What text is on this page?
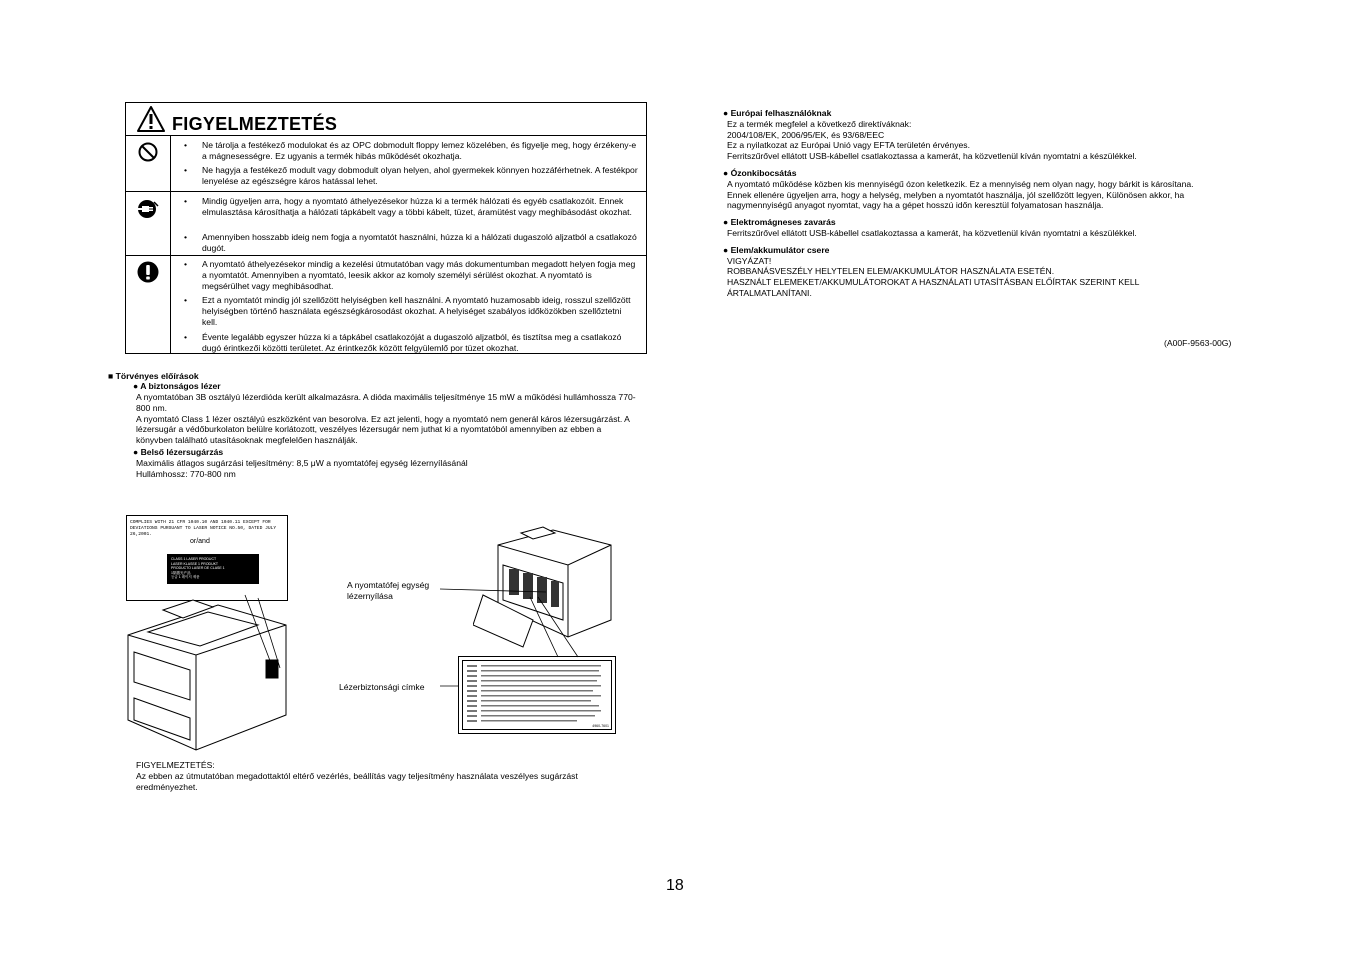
FIGYELMEZTETÉS
• Ne tárolja a festékező modulokat és az OPC dobmodult floppy lemez közelében, és figyelje meg, hogy érzékeny-e a mágnesességre. Ez ugyanis a termék hibás működését okozhatja.
• Ne hagyja a festékező modult vagy dobmodult olyan helyen, ahol gyermekek könnyen hozzáférhetnek. A festékpor lenyelése az egészségre káros hatással lehet.
• Mindig ügyeljen arra, hogy a nyomtató áthelyezésekor húzza ki a termék hálózati és egyéb csatlakozóit. Ennek elmulasztása károsíthatja a hálózati tápkábelt vagy a többi kábelt, tüzet, áramütést vagy meghibásodást okozhat.
• Amennyiben hosszabb ideig nem fogja a nyomtatót használni, húzza ki a hálózati dugaszoló aljzatból a csatlakozó dugót.
• A nyomtató áthelyezésekor mindig a kezelési útmutatóban vagy más dokumentumban megadott helyen fogja meg a nyomtatót. Amennyiben a nyomtató, leesik akkor az komoly személyi sérülést okozhat. A nyomtató is megsérülhet vagy meghibásodhat.
• Ezt a nyomtatót mindig jól szellőzött helyiségben kell használni. A nyomtató huzamosabb ideig, rosszul szellőzött helyiségben történő használata egészségkárosodást okozhat. A helyiséget szabályos időközökben szellőztetni kell.
• Évente legalább egyszer húzza ki a tápkábel csatlakozóját a dugaszoló aljzatból, és tisztítsa meg a csatlakozó dugó érintkezői közötti területet. Az érintkezők között felgyülemlő por tüzet okozhat.
■ Törvényes előírások
● A biztonságos lézer
A nyomtatóban 3B osztályú lézerdióda került alkalmazásra. A dióda maximális teljesítménye 15 mW a működési hullámhossza 770-800 nm.
A nyomtató Class 1 lézer osztályú eszközként van besorolva. Ez azt jelenti, hogy a nyomtató nem generál káros lézersugárzást. A lézersugár a védőburkolaton belülre korlátozott, veszélyes lézersugár nem juthat ki a nyomtatóból amennyiben az ebben a könyvben található utasításoknak megfelelően használják.
● Belső lézersugárzás
Maximális átlagos sugárzási teljesítmény: 8,5 μW a nyomtatófej egység lézernyílásánál
Hullámhossz: 770-800 nm
COMPLIES WITH 21 CFR 1040.10 AND 1040.11 EXCEPT FOR
DEVIATIONS PURSUANT TO LASER NOTICE NO.50, DATED JULY 26,2001.
or/and
CLASS 1 LASER PRODUCT
LASER KLASSE 1 PRODUKT
PRODUCTO LASER DE CLASE 1
1類激光产品
등급 1 레이저 제품
A nyomtatófej egység
lézernyílása
Lézerbiztonsági címke
4960-7601
FIGYELMEZTETÉS:
Az ebben az útmutatóban megadottaktól eltérő vezérlés, beállítás vagy teljesítmény használata veszélyes sugárzást eredményezhet.
● Európai felhasználóknak
Ez a termék megfelel a következő direktíváknak:
2004/108/EK, 2006/95/EK, és 93/68/EEC
Ez a nyilatkozat az Európai Unió vagy EFTA területén érvényes.
Ferritszűrővel ellátott USB-kábellel csatlakoztassa a kamerát, ha közvetlenül kíván nyomtatni a készülékkel.
● Ózonkibocsátás
A nyomtató működése közben kis mennyiségű ózon keletkezik. Ez a mennyiség nem olyan nagy, hogy bárkit is károsítana. Ennek ellenére ügyeljen arra, hogy a helység, melyben a nyomtatót használja, jól szellőzött legyen, Különösen akkor, ha nagymennyiségű anyagot nyomtat, vagy ha a gépet hosszú időn keresztül folyamatosan használja.
● Elektromágneses zavarás
Ferritszűrővel ellátott USB-kábellel csatlakoztassa a kamerát, ha közvetlenül kíván nyomtatni a készülékkel.
● Elem/akkumulátor csere
VIGYÁZAT!
ROBBANÁSVESZÉLY HELYTELEN ELEM/AKKUMULÁTOR HASZNÁLATA ESETÉN.
HASZNÁLT ELEMEKET/AKKUMULÁTOROKAT A HASZNÁLATI UTASÍTÁSBAN ELŐÍRTAK SZERINT KELL ÁRTALMATLANÍTANI.
(A00F-9563-00G)
18
